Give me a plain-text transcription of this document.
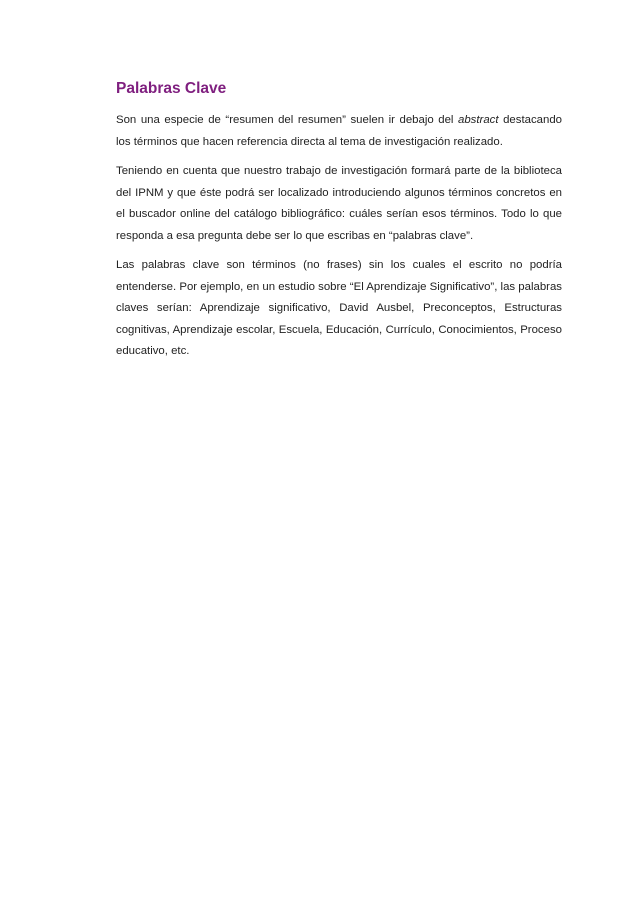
Palabras Clave

Son una especie de “resumen del resumen” suelen ir debajo del abstract destacando los términos que hacen referencia directa al tema de investigación realizado.

Teniendo en cuenta que nuestro trabajo de investigación formará parte de la biblioteca del IPNM y que éste podrá ser localizado introduciendo algunos términos concretos en el buscador online del catálogo bibliográfico: cuáles serían esos términos. Todo lo que responda a esa pregunta debe ser lo que escribas en “palabras clave”.

Las palabras clave son términos (no frases) sin los cuales el escrito no podría entenderse. Por ejemplo, en un estudio sobre “El Aprendizaje Significativo”, las palabras claves serían: Aprendizaje significativo, David Ausbel, Preconceptos, Estructuras cognitivas, Aprendizaje escolar, Escuela, Educación, Currículo, Conocimientos, Proceso educativo, etc.
